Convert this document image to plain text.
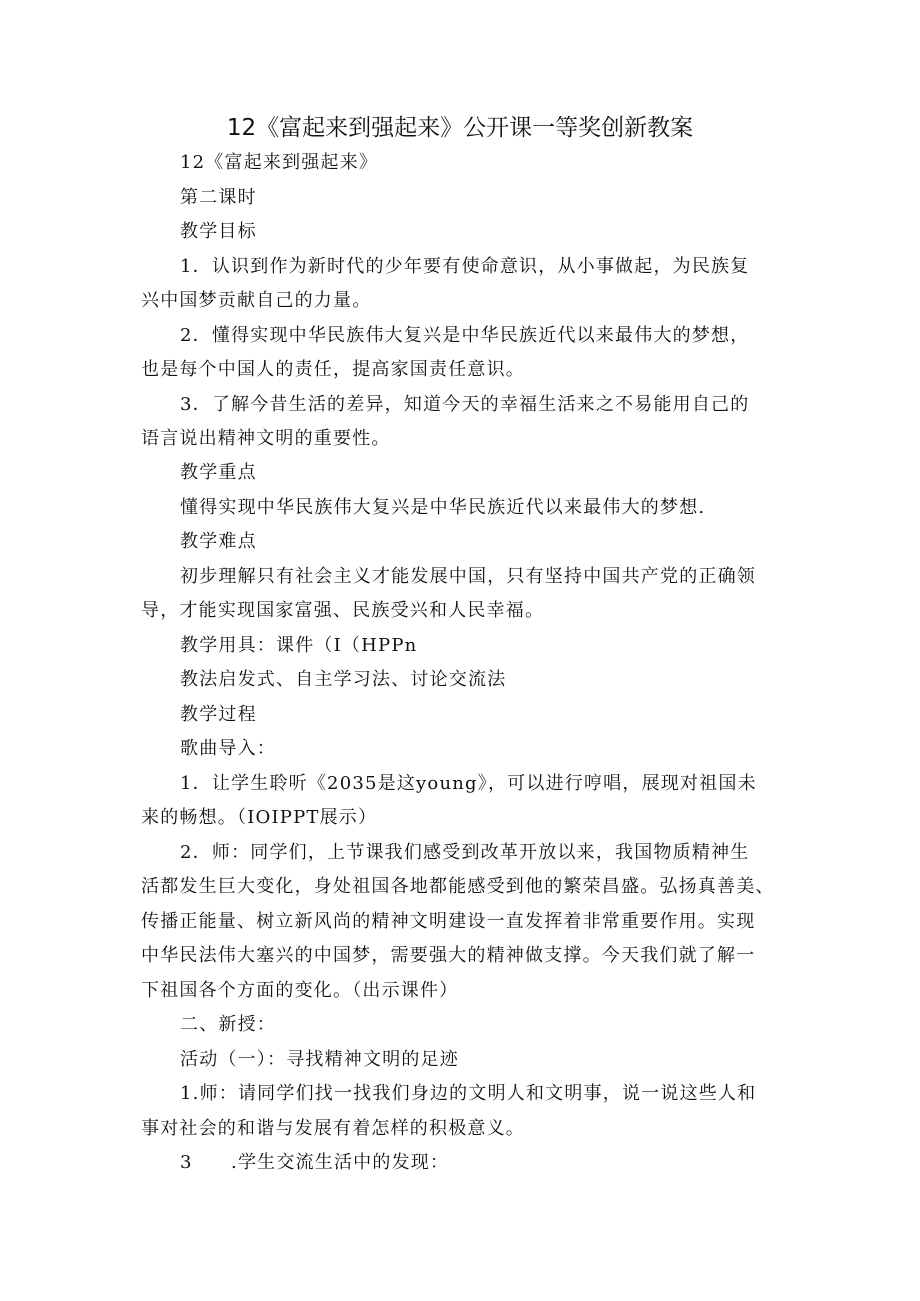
12《富起来到强起来》公开课一等奖创新教案

12《富起来到强起来》

第二课时

教学目标

1．认识到作为新时代的少年要有使命意识，从小事做起，为民族复

兴中国梦贡献自己的力量。

2．懂得实现中华民族伟大复兴是中华民族近代以来最伟大的梦想，

也是每个中国人的责任，提高家国责任意识。

3．了解今昔生活的差异，知道今天的幸福生活来之不易能用自己的

语言说出精神文明的重要性。

教学重点

懂得实现中华民族伟大复兴是中华民族近代以来最伟大的梦想.

教学难点

初步理解只有社会主义才能发展中国，只有坚持中国共产党的正确领

导，才能实现国家富强、民族受兴和人民幸福。

教学用具：课件（I（HPPn

教法启发式、自主学习法、讨论交流法

教学过程

歌曲导入：

1．让学生聆听《2035是这young》，可以进行哼唱，展现对祖国未

来的畅想。（IOIPPT展示）

2．师：同学们，上节课我们感受到改革开放以来，我国物质精神生

活都发生巨大变化，身处祖国各地都能感受到他的繁荣昌盛。弘扬真善美、

传播正能量、树立新风尚的精神文明建设一直发挥着非常重要作用。实现

中华民法伟大塞兴的中国梦，需要强大的精神做支撑。今天我们就了解一

下祖国各个方面的变化。（出示课件）

二、新授：

活动（一）：寻找精神文明的足迹

1.师：请同学们找一找我们身边的文明人和文明事，说一说这些人和

事对社会的和谐与发展有着怎样的积极意义。

3　　.学生交流生活中的发现：
